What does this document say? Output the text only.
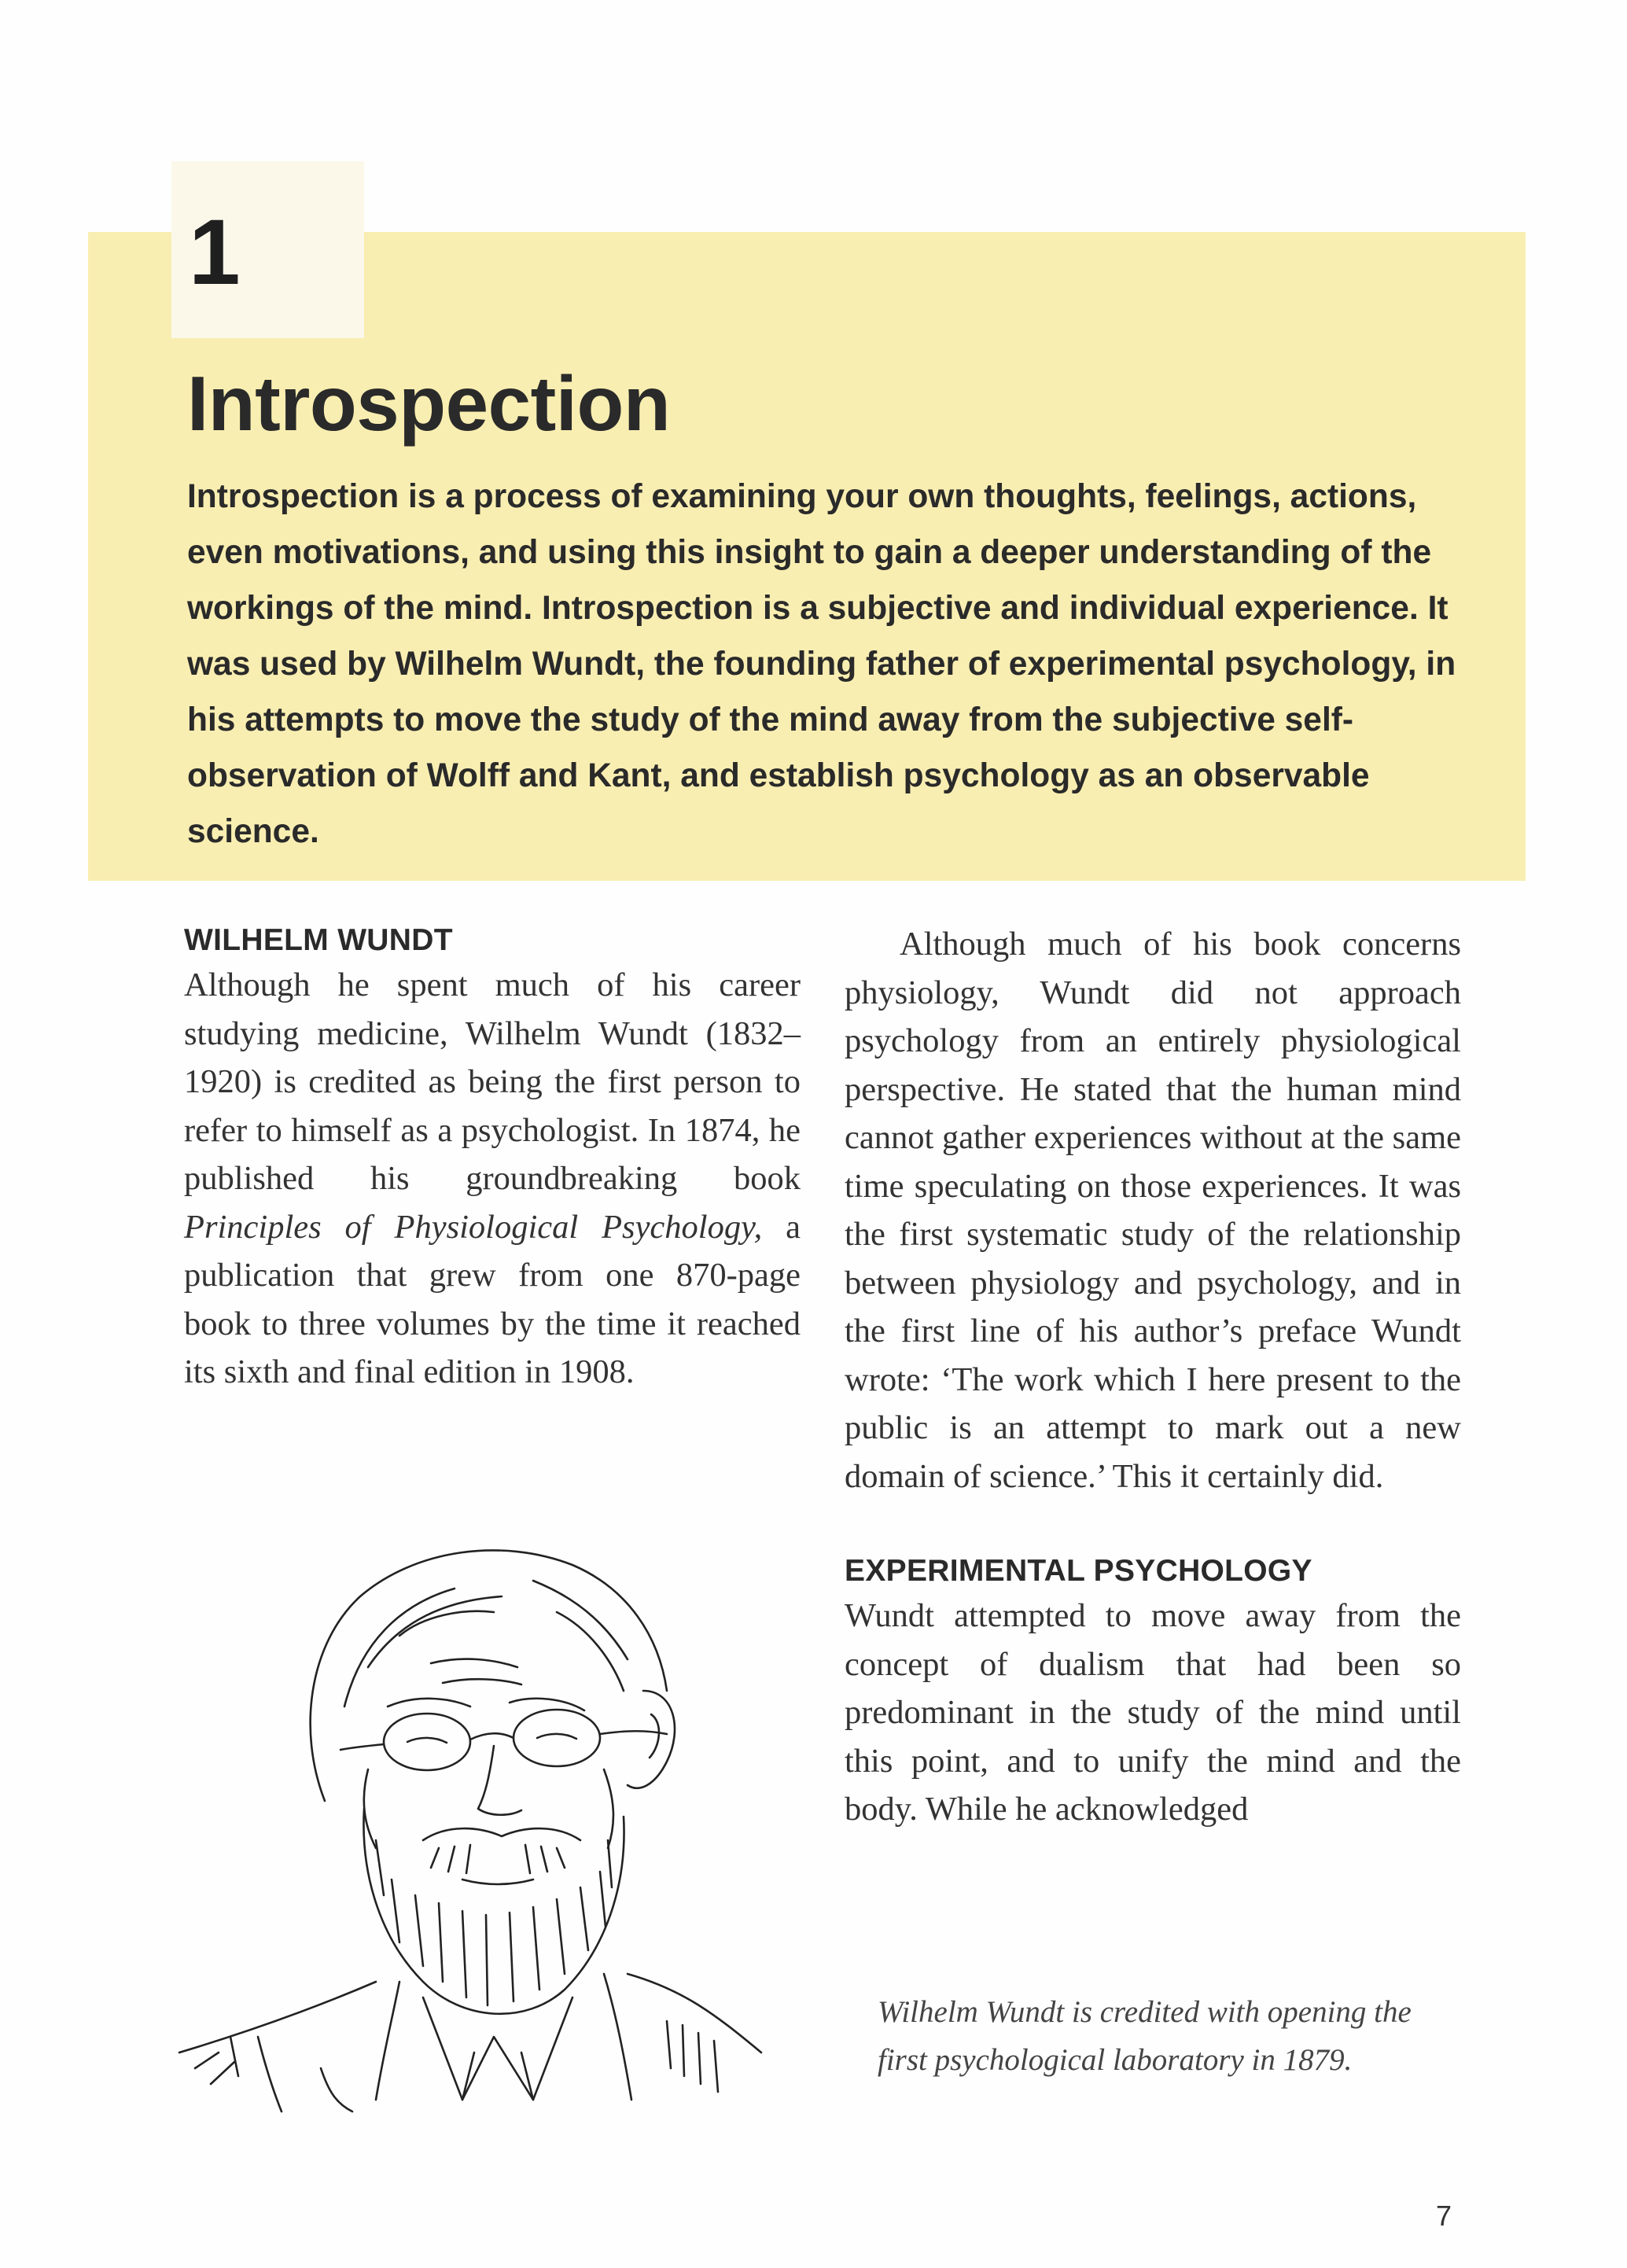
1
Introspection

Introspection is a process of examining your own thoughts, feelings, actions, even motivations, and using this insight to gain a deeper understanding of the workings of the mind. Introspection is a subjective and individual experience. It was used by Wilhelm Wundt, the founding father of experimental psychology, in his attempts to move the study of the mind away from the subjective self-observation of Wolff and Kant, and establish psychology as an observable science.

WILHELM WUNDT

Although he spent much of his career studying medicine, Wilhelm Wundt (1832–1920) is credited as being the first person to refer to himself as a psychologist. In 1874, he published his groundbreaking book Principles of Physiological Psychology, a publication that grew from one 870-page book to three volumes by the time it reached its sixth and final edition in 1908.

Although much of his book concerns physiology, Wundt did not approach psychology from an entirely physiological perspective. He stated that the human mind cannot gather experiences without at the same time speculating on those experiences. It was the first systematic study of the relationship between physiology and psychology, and in the first line of his author’s preface Wundt wrote: ‘The work which I here present to the public is an attempt to mark out a new domain of science.’ This it certainly did.

EXPERIMENTAL PSYCHOLOGY

Wundt attempted to move away from the concept of dualism that had been so predominant in the study of the mind until this point, and to unify the mind and the body. While he acknowledged

Wilhelm Wundt is credited with opening the first psychological laboratory in 1879.

7
